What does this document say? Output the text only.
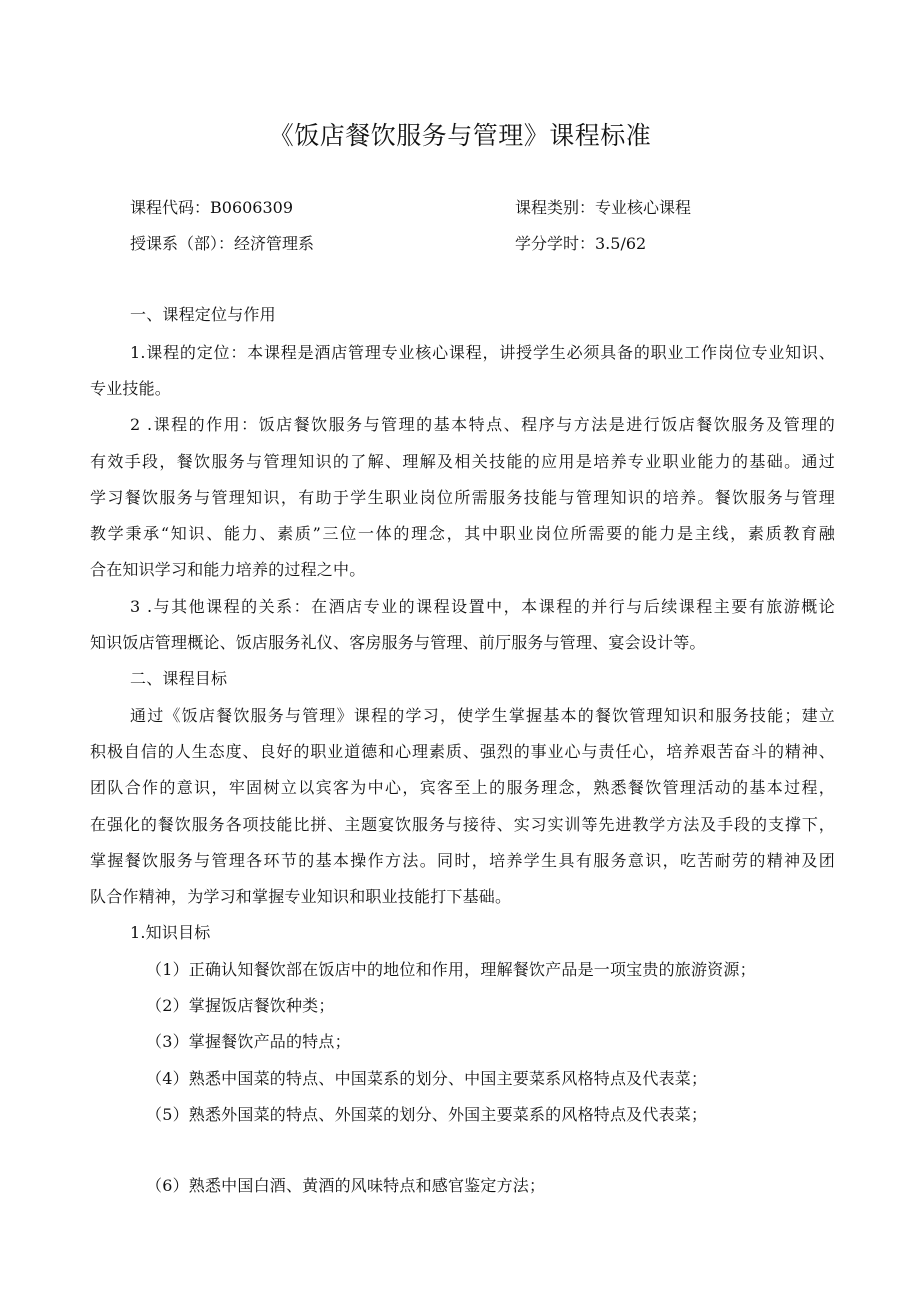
《饭店餐饮服务与管理》课程标准
课程代码：B0606309	课程类别：专业核心课程
授课系（部）：经济管理系	学分学时：3.5/62
一、课程定位与作用
1.课程的定位：本课程是酒店管理专业核心课程，讲授学生必须具备的职业工作岗位专业知识、
专业技能。
2 .课程的作用：饭店餐饮服务与管理的基本特点、程序与方法是进行饭店餐饮服务及管理的
有效手段，餐饮服务与管理知识的了解、理解及相关技能的应用是培养专业职业能力的基础。通过
学习餐饮服务与管理知识，有助于学生职业岗位所需服务技能与管理知识的培养。餐饮服务与管理
教学秉承“知识、能力、素质”三位一体的理念，其中职业岗位所需要的能力是主线，素质教育融
合在知识学习和能力培养的过程之中。
3 .与其他课程的关系：在酒店专业的课程设置中，本课程的并行与后续课程主要有旅游概论
知识饭店管理概论、饭店服务礼仪、客房服务与管理、前厅服务与管理、宴会设计等。
二、课程目标
通过《饭店餐饮服务与管理》课程的学习，使学生掌握基本的餐饮管理知识和服务技能；建立
积极自信的人生态度、良好的职业道德和心理素质、强烈的事业心与责任心，培养艰苦奋斗的精神、
团队合作的意识，牢固树立以宾客为中心，宾客至上的服务理念，熟悉餐饮管理活动的基本过程，
在强化的餐饮服务各项技能比拼、主题宴饮服务与接待、实习实训等先进教学方法及手段的支撑下，
掌握餐饮服务与管理各环节的基本操作方法。同时，培养学生具有服务意识，吃苦耐劳的精神及团
队合作精神，为学习和掌握专业知识和职业技能打下基础。
1.知识目标
（1）正确认知餐饮部在饭店中的地位和作用，理解餐饮产品是一项宝贵的旅游资源；
（2）掌握饭店餐饮种类；
（3）掌握餐饮产品的特点；
（4）熟悉中国菜的特点、中国菜系的划分、中国主要菜系风格特点及代表菜；
（5）熟悉外国菜的特点、外国菜的划分、外国主要菜系的风格特点及代表菜；
（6）熟悉中国白酒、黄酒的风味特点和感官鉴定方法；
